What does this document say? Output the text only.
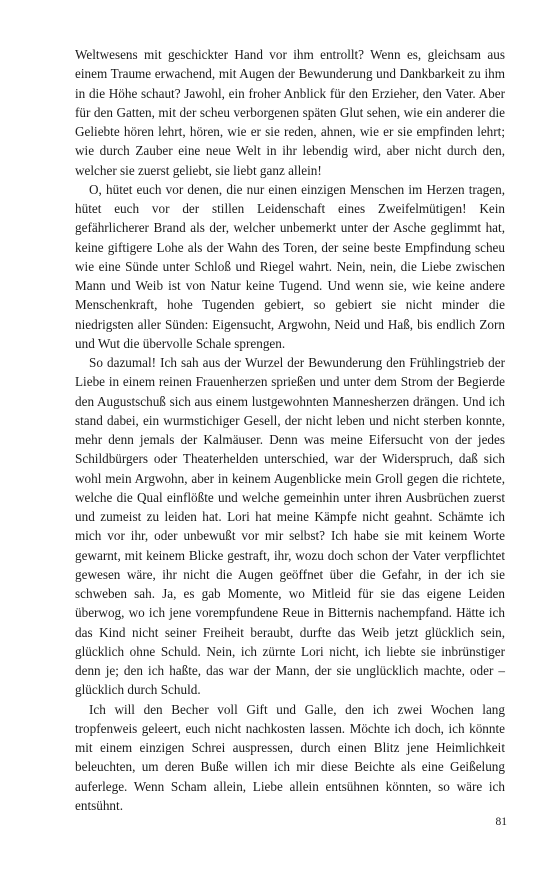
Weltwesens mit geschickter Hand vor ihm entrollt? Wenn es, gleichsam aus einem Traume erwachend, mit Augen der Bewunderung und Dankbarkeit zu ihm in die Höhe schaut? Jawohl, ein froher Anblick für den Erzieher, den Vater. Aber für den Gatten, mit der scheu verborgenen späten Glut sehen, wie ein anderer die Geliebte hören lehrt, hören, wie er sie reden, ahnen, wie er sie empfinden lehrt; wie durch Zauber eine neue Welt in ihr lebendig wird, aber nicht durch den, welcher sie zuerst geliebt, sie liebt ganz allein!

O, hütet euch vor denen, die nur einen einzigen Menschen im Herzen tragen, hütet euch vor der stillen Leidenschaft eines Zweifelmütigen! Kein gefährlicherer Brand als der, welcher unbemerkt unter der Asche geglimmt hat, keine giftigere Lohe als der Wahn des Toren, der seine beste Empfindung scheu wie eine Sünde unter Schloß und Riegel wahrt. Nein, nein, die Liebe zwischen Mann und Weib ist von Natur keine Tugend. Und wenn sie, wie keine andere Menschenkraft, hohe Tugenden gebiert, so gebiert sie nicht minder die niedrigsten aller Sünden: Eigensucht, Argwohn, Neid und Haß, bis endlich Zorn und Wut die übervolle Schale sprengen.

So dazumal! Ich sah aus der Wurzel der Bewunderung den Frühlingstrieb der Liebe in einem reinen Frauenherzen sprießen und unter dem Strom der Begierde den Augustschuß sich aus einem lustgewohnten Mannesherzen drängen. Und ich stand dabei, ein wurmstichiger Gesell, der nicht leben und nicht sterben konnte, mehr denn jemals der Kalmäuser. Denn was meine Eifersucht von der jedes Schildbürgers oder Theaterhelden unterschied, war der Widerspruch, daß sich wohl mein Argwohn, aber in keinem Augenblicke mein Groll gegen die richtete, welche die Qual einflößte und welche gemeinhin unter ihren Ausbrüchen zuerst und zumeist zu leiden hat. Lori hat meine Kämpfe nicht geahnt. Schämte ich mich vor ihr, oder unbewußt vor mir selbst? Ich habe sie mit keinem Worte gewarnt, mit keinem Blicke gestraft, ihr, wozu doch schon der Vater verpflichtet gewesen wäre, ihr nicht die Augen geöffnet über die Gefahr, in der ich sie schweben sah. Ja, es gab Momente, wo Mitleid für sie das eigene Leiden überwog, wo ich jene vorempfundene Reue in Bitternis nachempfand. Hätte ich das Kind nicht seiner Freiheit beraubt, durfte das Weib jetzt glücklich sein, glücklich ohne Schuld. Nein, ich zürnte Lori nicht, ich liebte sie inbrünstiger denn je; den ich haßte, das war der Mann, der sie unglücklich machte, oder – glücklich durch Schuld.

Ich will den Becher voll Gift und Galle, den ich zwei Wochen lang tropfenweis geleert, euch nicht nachkosten lassen. Möchte ich doch, ich könnte mit einem einzigen Schrei auspressen, durch einen Blitz jene Heimlichkeit beleuchten, um deren Buße willen ich mir diese Beichte als eine Geißelung auferlege. Wenn Scham allein, Liebe allein entsühnen könnten, so wäre ich entsühnt.

81
